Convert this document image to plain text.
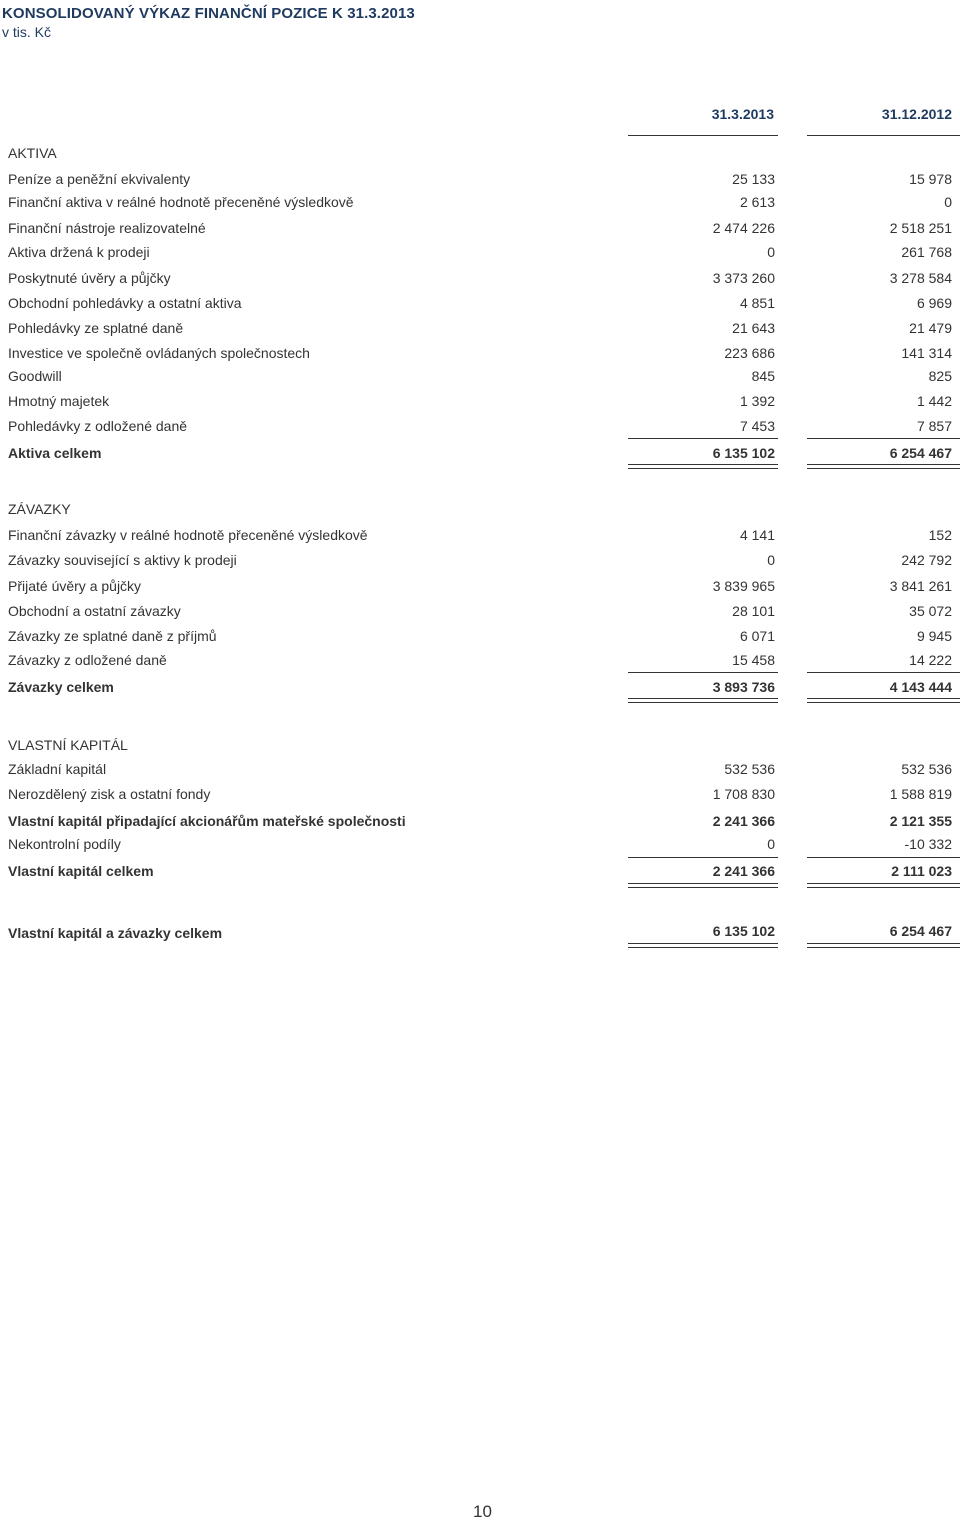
KONSOLIDOVANÝ VÝKAZ FINANČNÍ POZICE K 31.3.2013
v tis. Kč
31.3.2013	31.12.2012
AKTIVA
Peníze a peněžní ekvivalenty	25 133	15 978
Finanční aktiva v reálné hodnotě přeceněné výsledkově	2 613	0
Finanční nástroje realizovatelné	2 474 226	2 518 251
Aktiva držená k prodeji	0	261 768
Poskytnuté úvěry a půjčky	3 373 260	3 278 584
Obchodní pohledávky a ostatní aktiva	4 851	6 969
Pohledávky ze splatné daně	21 643	21 479
Investice ve společně ovládaných společnostech	223 686	141 314
Goodwill	845	825
Hmotný majetek	1 392	1 442
Pohledávky z odložené daně	7 453	7 857
Aktiva celkem	6 135 102	6 254 467
ZÁVAZKY
Finanční závazky v reálné hodnotě přeceněné výsledkově	4 141	152
Závazky související s aktivy k prodeji	0	242 792
Přijaté úvěry a půjčky	3 839 965	3 841 261
Obchodní a ostatní závazky	28 101	35 072
Závazky ze splatné daně z příjmů	6 071	9 945
Závazky z odložené daně	15 458	14 222
Závazky celkem	3 893 736	4 143 444
VLASTNÍ KAPITÁL
Základní kapitál	532 536	532 536
Nerozdělený zisk a ostatní fondy	1 708 830	1 588 819
Vlastní kapitál připadající akcionářům mateřské společnosti	2 241 366	2 121 355
Nekontrolní podíly	0	-10 332
Vlastní kapitál celkem	2 241 366	2 111 023
Vlastní kapitál a závazky celkem	6 135 102	6 254 467
10
